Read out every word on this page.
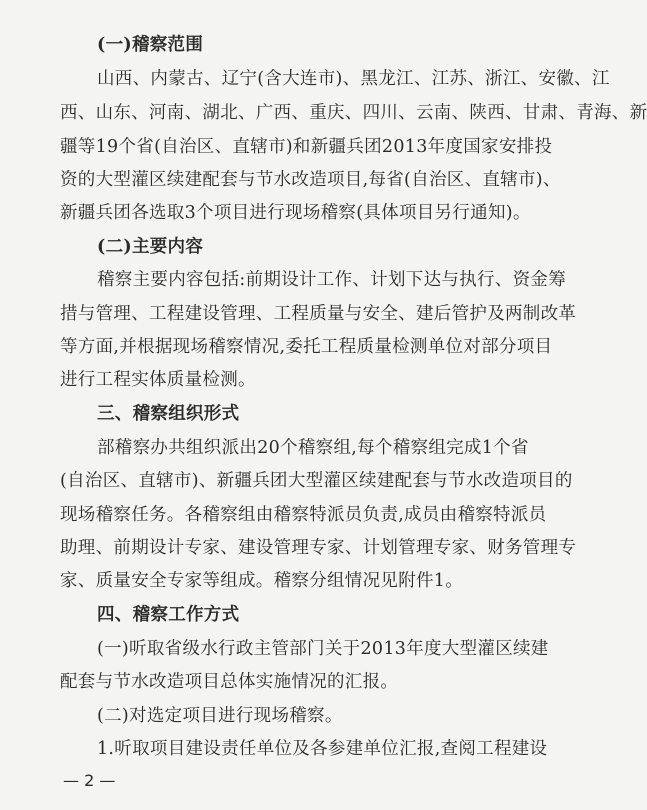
(一)稽察范围
山西、内蒙古、辽宁(含大连市)、黑龙江、江苏、浙江、安徽、江
西、山东、河南、湖北、广西、重庆、四川、云南、陕西、甘肃、青海、新
疆等19个省(自治区、直辖市)和新疆兵团2013年度国家安排投
资的大型灌区续建配套与节水改造项目,每省(自治区、直辖市)、
新疆兵团各选取3个项目进行现场稽察(具体项目另行通知)。
(二)主要内容
稽察主要内容包括:前期设计工作、计划下达与执行、资金筹
措与管理、工程建设管理、工程质量与安全、建后管护及两制改革
等方面,并根据现场稽察情况,委托工程质量检测单位对部分项目
进行工程实体质量检测。
三、稽察组织形式
部稽察办共组织派出20个稽察组,每个稽察组完成1个省
(自治区、直辖市)、新疆兵团大型灌区续建配套与节水改造项目的
现场稽察任务。各稽察组由稽察特派员负责,成员由稽察特派员
助理、前期设计专家、建设管理专家、计划管理专家、财务管理专
家、质量安全专家等组成。稽察分组情况见附件1。
四、稽察工作方式
(一)听取省级水行政主管部门关于2013年度大型灌区续建
配套与节水改造项目总体实施情况的汇报。
(二)对选定项目进行现场稽察。
1.听取项目建设责任单位及各参建单位汇报,查阅工程建设
— 2 —
